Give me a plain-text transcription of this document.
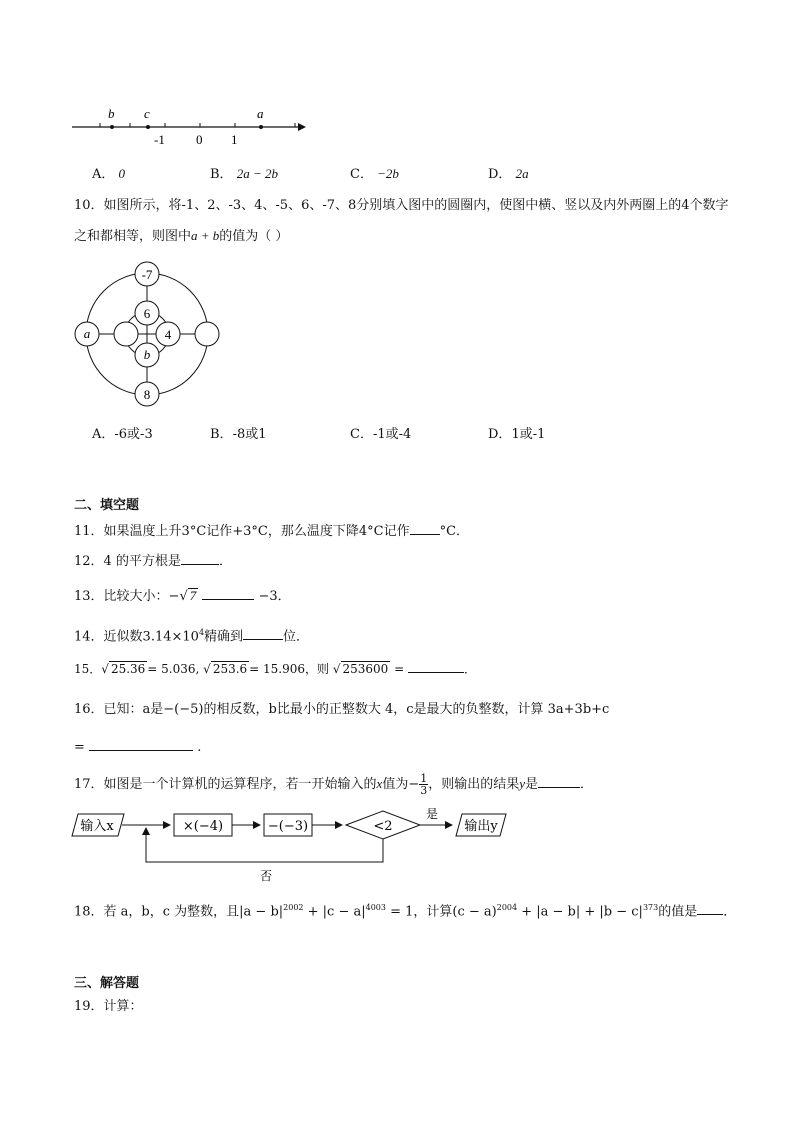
b c	a
-1 0 1
A． 0	B． 2a − 2b	C． −2b	D． 2a
10．如图所示，将-1、2、-3、4、-5、6、-7、8分别填入图中的圆圈内，使图中横、竖以及内外两圈上的4个数字
之和都相等，则图中a + b的值为（ ）
-7
a
6
4
b
8
A．-6或-3	B．-8或1	C．-1或-4	D．1或-1
二、填空题
11．如果温度上升3°C记作+3°C，那么温度下降4°C记作 °C．
12．4 的平方根是	．
13．比较大小：−√ 7	−3．
14．近似数$3.14\times 10^4$精确到	位．
15．√ 25.36 = 5.036, √ 253.6 = 15.906，则 √ 253600 =	．
16．已知：a是−(−5)的相反数，b比最小的正整数大 4，c是最大的负整数，计算 3a+3b+c
=	.
17．如图是一个计算机的运算程序，若一开始输入的x值为− $\frac{1}{3}$ ，则输出的结果y是	．
输入x	×(−4)	−(−3)	<2
是
输出y
否
18．若 a，b，c 为整数，且$|a - b|^{2002} + |c - a|^{4003} = 1$，计算$(c - a)^{2004} + |a - b| + |b - c|^{373}$的值是 ．
三、解答题
19．计算：
